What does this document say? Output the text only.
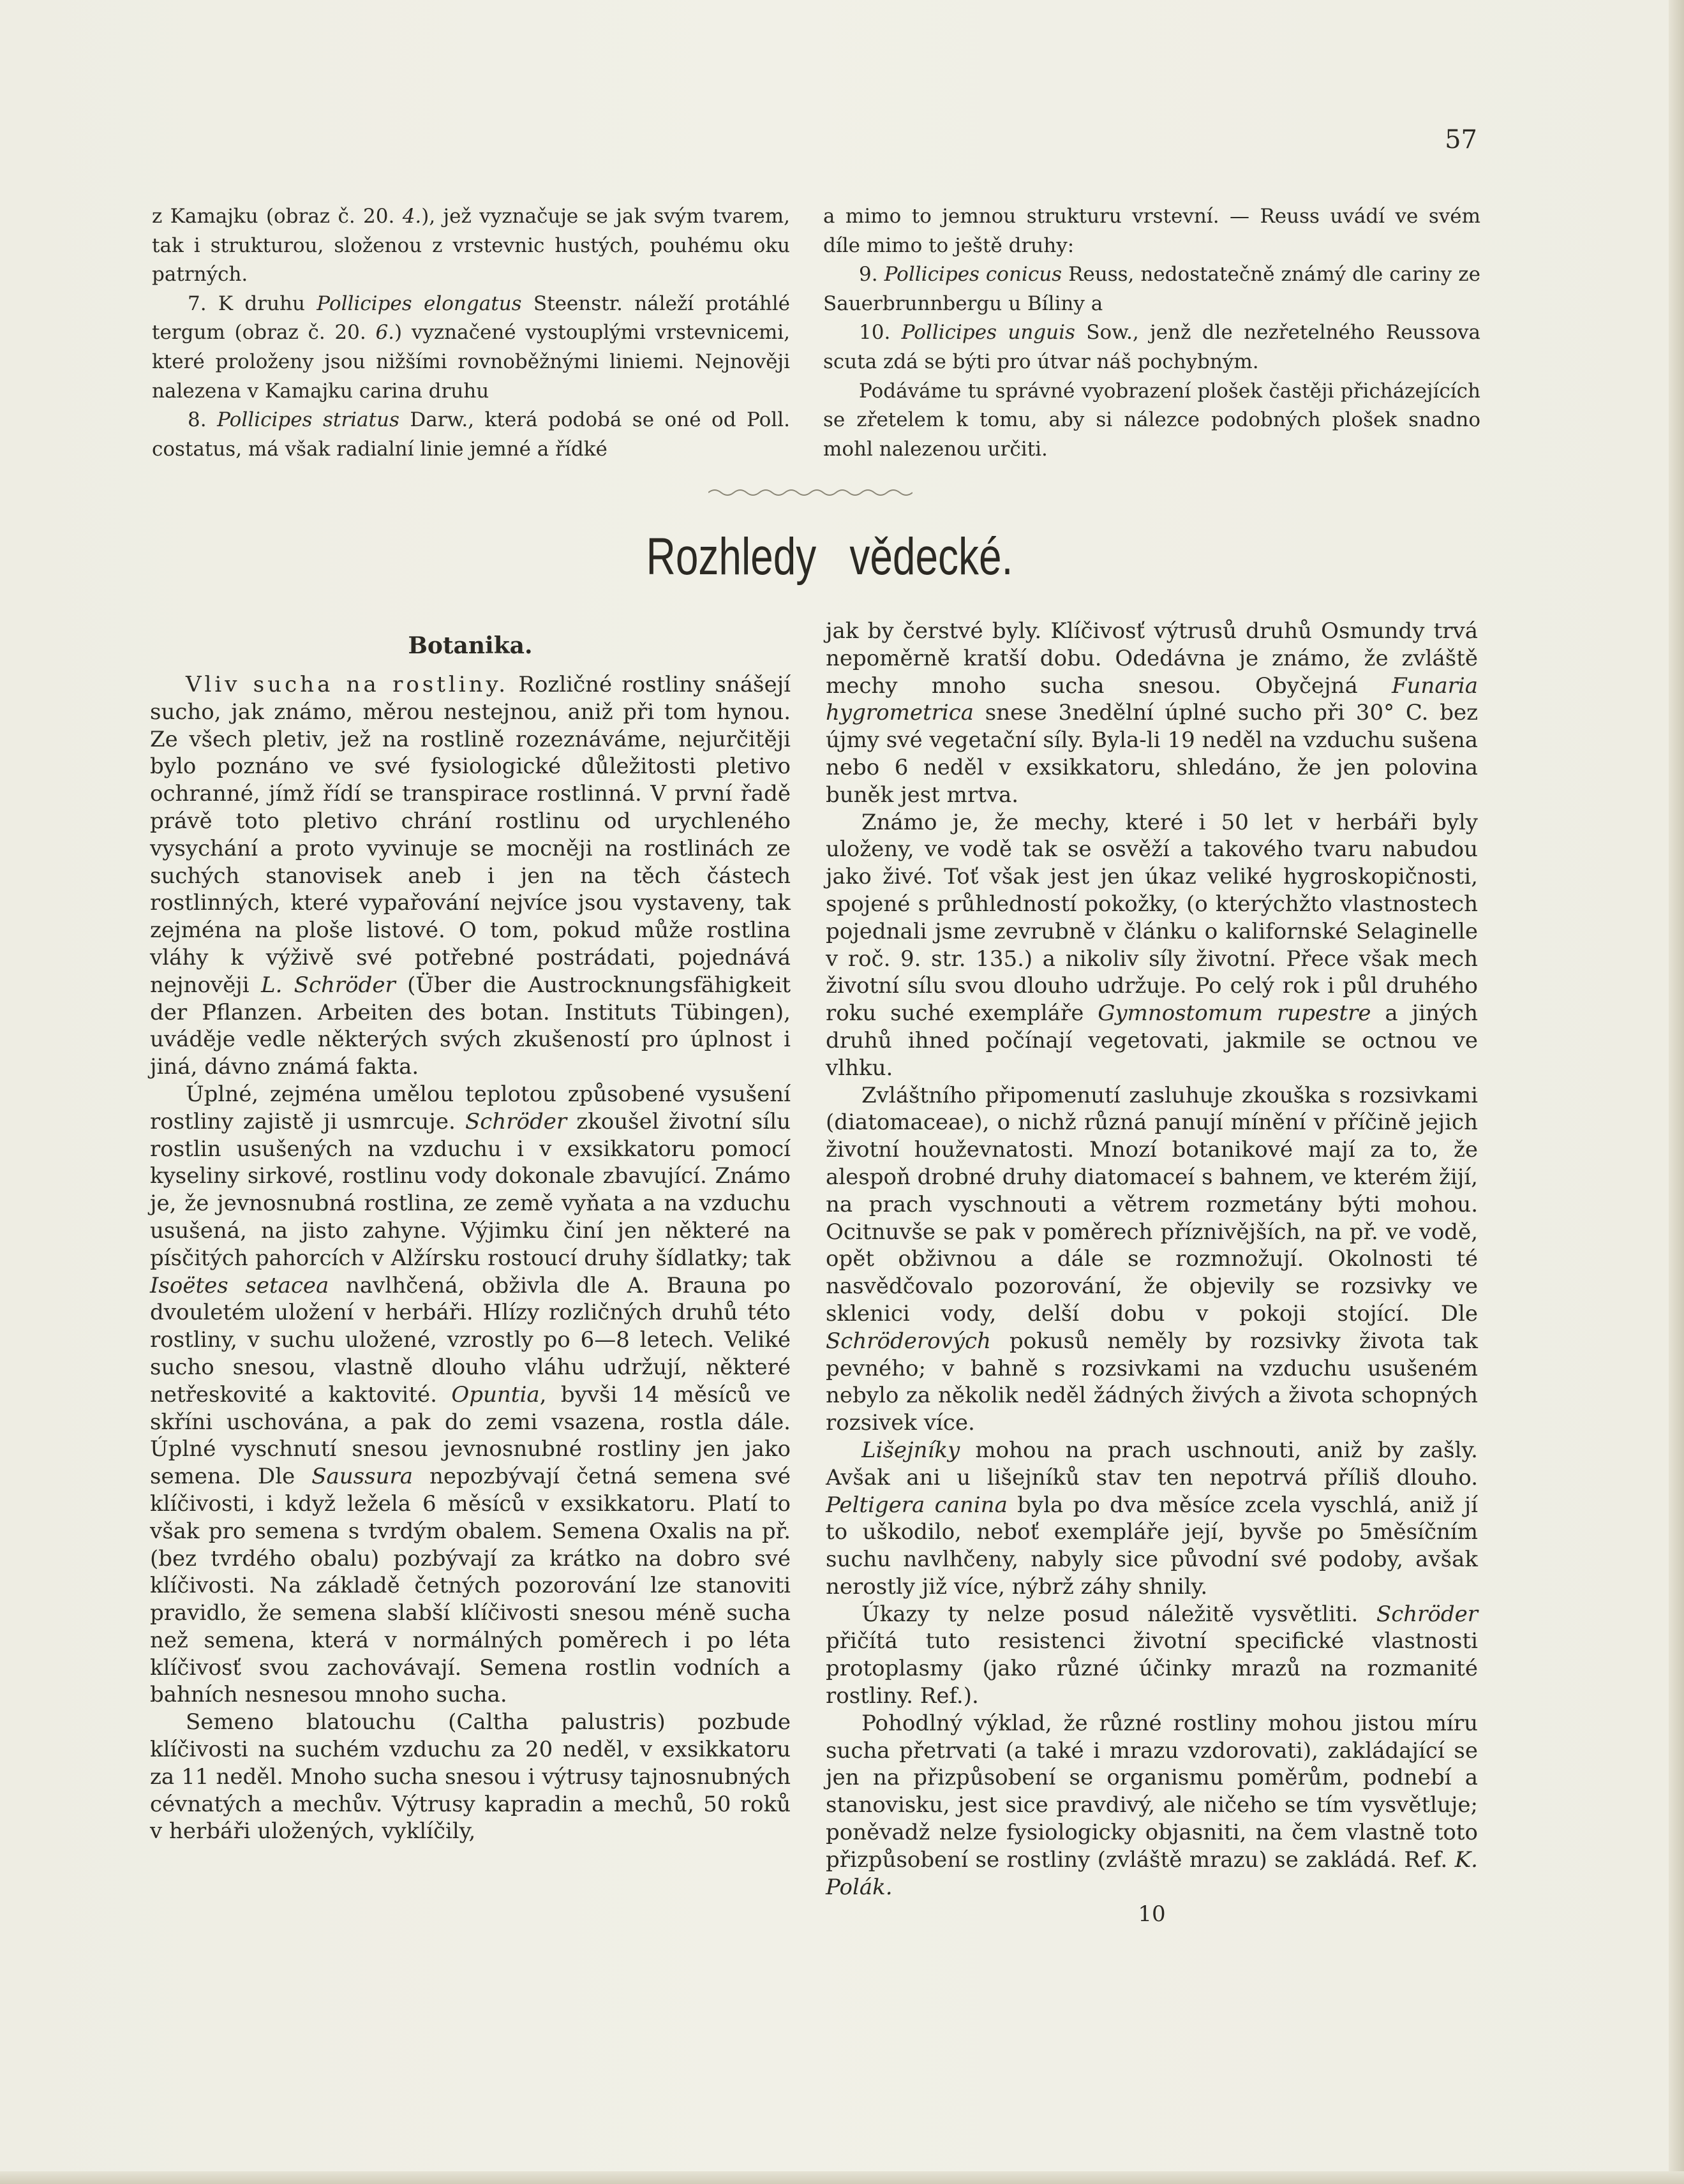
57

z Kamajku (obraz č. 20. 4.), jež vyznačuje se jak svým tvarem, tak i strukturou, složenou z vrstevnic hustých, pouhému oku patrných.

7. K druhu Pollicipes elongatus Steenstr. náleží protáhlé tergum (obraz č. 20. 6.) vyznačené vystouplými vrstevnicemi, které proloženy jsou nižšími rovnoběžnými liniemi. Nejnověji nalezena v Kamajku carina druhu

8. Pollicipes striatus Darw., která podobá se oné od Poll. costatus, má však radialní linie jemné a řídké

a mimo to jemnou strukturu vrstevní. — Reuss uvádí ve svém díle mimo to ještě druhy:

9. Pollicipes conicus Reuss, nedostatečně známý dle cariny ze Sauerbrunnbergu u Bíliny a

10. Pollicipes unguis Sow., jenž dle nezřetelného Reussova scuta zdá se býti pro útvar náš pochybným.

Podáváme tu správné vyobrazení plošek častěji přicházejících se zřetelem k tomu, aby si nálezce podobných plošek snadno mohl nalezenou určiti.

Rozhledy vědecké.
Botanika.

Vliv sucha na rostliny. Rozličné rostliny snášejí sucho, jak známo, měrou nestejnou, aniž při tom hynou. Ze všech pletiv, jež na rostlině rozeznáváme, nejurčitěji bylo poznáno ve své fysiologické důležitosti pletivo ochranné, jímž řídí se transpirace rostlinná. V první řadě právě toto pletivo chrání rostlinu od urychleného vysychání a proto vyvinuje se mocněji na rostlinách ze suchých stanovisek aneb i jen na těch částech rostlinných, které vypařování nejvíce jsou vystaveny, tak zejména na ploše listové. O tom, pokud může rostlina vláhy k výživě své potřebné postrádati, pojednává nejnověji L. Schröder (Über die Austrocknungsfähigkeit der Pflanzen. Arbeiten des botan. Instituts Tübingen), uváděje vedle některých svých zkušeností pro úplnost i jiná, dávno známá fakta.

Úplné, zejména umělou teplotou způsobené vysušení rostliny zajistě ji usmrcuje. Schröder zkoušel životní sílu rostlin usušených na vzduchu i v exsikkatoru pomocí kyseliny sirkové, rostlinu vody dokonale zbavující. Známo je, že jevnosnubná rostlina, ze země vyňata a na vzduchu usušená, na jisto zahyne. Výjimku činí jen některé na písčitých pahorcích v Alžírsku rostoucí druhy šídlatky; tak Isoëtes setacea navlhčená, obživla dle A. Brauna po dvouletém uložení v herbáři. Hlízy rozličných druhů této rostliny, v suchu uložené, vzrostly po 6—8 letech. Veliké sucho snesou, vlastně dlouho vláhu udržují, některé netřeskovité a kaktovité. Opuntia, byvši 14 měsíců ve skříni uschována, a pak do zemi vsazena, rostla dále. Úplné vyschnutí snesou jevnosnubné rostliny jen jako semena. Dle Saussura nepozbývají četná semena své klíčivosti, i když ležela 6 měsíců v exsikkatoru. Platí to však pro semena s tvrdým obalem. Semena Oxalis na př. (bez tvrdého obalu) pozbývají za krátko na dobro své klíčivosti. Na základě četných pozorování lze stanoviti pravidlo, že semena slabší klíčivosti snesou méně sucha než semena, která v normálných poměrech i po léta klíčivosť svou zachovávají. Semena rostlin vodních a bahních nesnesou mnoho sucha.

Semeno blatouchu (Caltha palustris) pozbude klíčivosti na suchém vzduchu za 20 neděl, v exsikkatoru za 11 neděl. Mnoho sucha snesou i výtrusy tajnosnubných cévnatých a mechův. Výtrusy kapradin a mechů, 50 roků v herbáři uložených, vyklíčily,

jak by čerstvé byly. Klíčivosť výtrusů druhů Osmundy trvá nepoměrně kratší dobu. Odedávna je známo, že zvláště mechy mnoho sucha snesou. Obyčejná Funaria hygrometrica snese 3nedělní úplné sucho při 30° C. bez újmy své vegetační síly. Byla-li 19 neděl na vzduchu sušena nebo 6 neděl v exsikkatoru, shledáno, že jen polovina buněk jest mrtva.

Známo je, že mechy, které i 50 let v herbáři byly uloženy, ve vodě tak se osvěží a takového tvaru nabudou jako živé. Toť však jest jen úkaz veliké hygroskopičnosti, spojené s průhledností pokožky, (o kterýchžto vlastnostech pojednali jsme zevrubně v článku o kalifornské Selaginelle v roč. 9. str. 135.) a nikoliv síly životní. Přece však mech životní sílu svou dlouho udržuje. Po celý rok i půl druhého roku suché exempláře Gymnostomum rupestre a jiných druhů ihned počínají vegetovati, jakmile se octnou ve vlhku.

Zvláštního připomenutí zasluhuje zkouška s rozsivkami (diatomaceae), o nichž různá panují mínění v příčině jejich životní houževnatosti. Mnozí botanikové mají za to, že alespoň drobné druhy diatomaceí s bahnem, ve kterém žijí, na prach vyschnouti a větrem rozmetány býti mohou. Ocitnuvše se pak v poměrech příznivějších, na př. ve vodě, opět obživnou a dále se rozmnožují. Okolnosti té nasvědčovalo pozorování, že objevily se rozsivky ve sklenici vody, delší dobu v pokoji stojící. Dle Schröderových pokusů neměly by rozsivky života tak pevného; v bahně s rozsivkami na vzduchu usušeném nebylo za několik neděl žádných živých a života schopných rozsivek více.

Lišejníky mohou na prach uschnouti, aniž by zašly. Avšak ani u lišejníků stav ten nepotrvá příliš dlouho. Peltigera canina byla po dva měsíce zcela vyschlá, aniž jí to uškodilo, neboť exempláře její, byvše po 5měsíčním suchu navlhčeny, nabyly sice původní své podoby, avšak nerostly již více, nýbrž záhy shnily.

Úkazy ty nelze posud náležitě vysvětliti. Schröder přičítá tuto resistenci životní specifické vlastnosti protoplasmy (jako různé účinky mrazů na rozmanité rostliny. Ref.).

Pohodlný výklad, že různé rostliny mohou jistou míru sucha přetrvati (a také i mrazu vzdorovati), zakládající se jen na přizpůsobení se organismu poměrům, podnebí a stanovisku, jest sice pravdivý, ale ničeho se tím vysvětluje; poněvadž nelze fysiologicky objasniti, na čem vlastně toto přizpůsobení se rostliny (zvláště mrazu) se zakládá. Ref. K. Polák.

10
